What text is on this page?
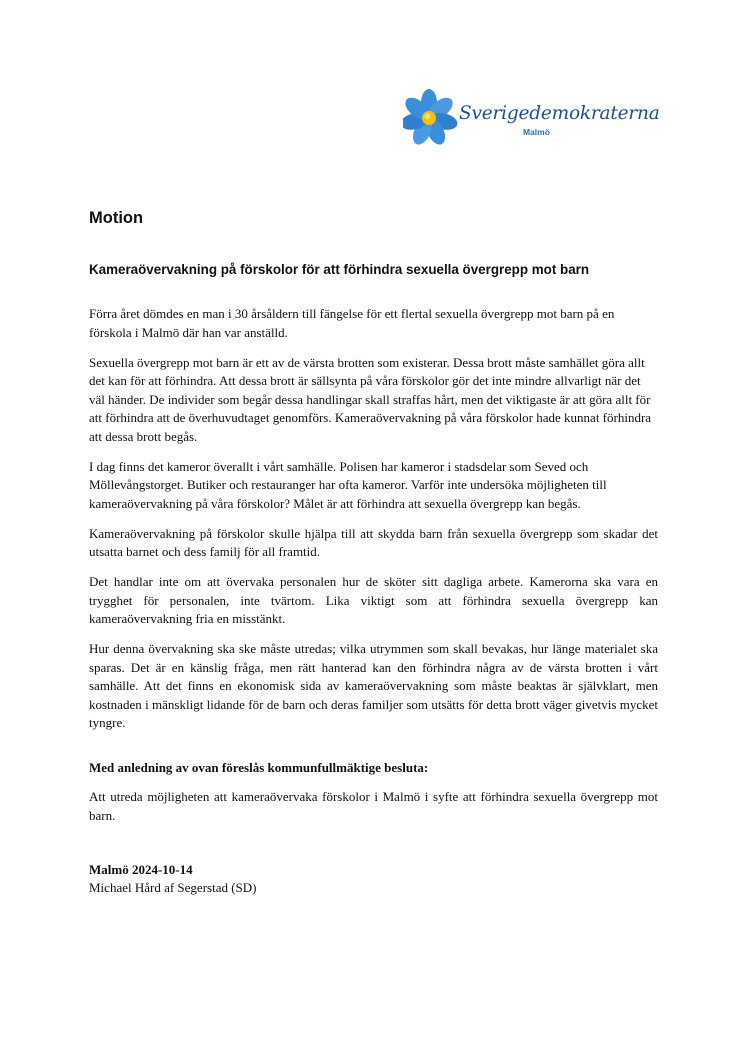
Sverigedemokraterna
Malmö
Motion
Kameraövervakning på förskolor för att förhindra sexuella övergrepp mot barn

Förra året dömdes en man i 30 årsåldern till fängelse för ett flertal sexuella övergrepp mot barn på en förskola i Malmö där han var anställd.

Sexuella övergrepp mot barn är ett av de värsta brotten som existerar. Dessa brott måste samhället göra allt det kan för att förhindra. Att dessa brott är sällsynta på våra förskolor gör det inte mindre allvarligt när det väl händer. De individer som begår dessa handlingar skall straffas hårt, men det viktigaste är att göra allt för att förhindra att de överhuvudtaget genomförs. Kameraövervakning på våra förskolor hade kunnat förhindra att dessa brott begås.

I dag finns det kameror överallt i vårt samhälle. Polisen har kameror i stadsdelar som Seved och Möllevångstorget. Butiker och restauranger har ofta kameror. Varför inte undersöka möjligheten till kameraövervakning på våra förskolor? Målet är att förhindra att sexuella övergrepp kan begås.

Kameraövervakning på förskolor skulle hjälpa till att skydda barn från sexuella övergrepp som skadar det utsatta barnet och dess familj för all framtid.

Det handlar inte om att övervaka personalen hur de sköter sitt dagliga arbete. Kamerorna ska vara en trygghet för personalen, inte tvärtom. Lika viktigt som att förhindra sexuella övergrepp kan kameraövervakning fria en misstänkt.

Hur denna övervakning ska ske måste utredas; vilka utrymmen som skall bevakas, hur länge materialet ska sparas. Det är en känslig fråga, men rätt hanterad kan den förhindra några av de värsta brotten i vårt samhälle. Att det finns en ekonomisk sida av kameraövervakning som måste beaktas är självklart, men kostnaden i mänskligt lidande för de barn och deras familjer som utsätts för detta brott väger givetvis mycket tyngre.

Med anledning av ovan föreslås kommunfullmäktige besluta:

Att utreda möjligheten att kameraövervaka förskolor i Malmö i syfte att förhindra sexuella övergrepp mot barn.

Malmö 2024-10-14
Michael Hård af Segerstad (SD)
